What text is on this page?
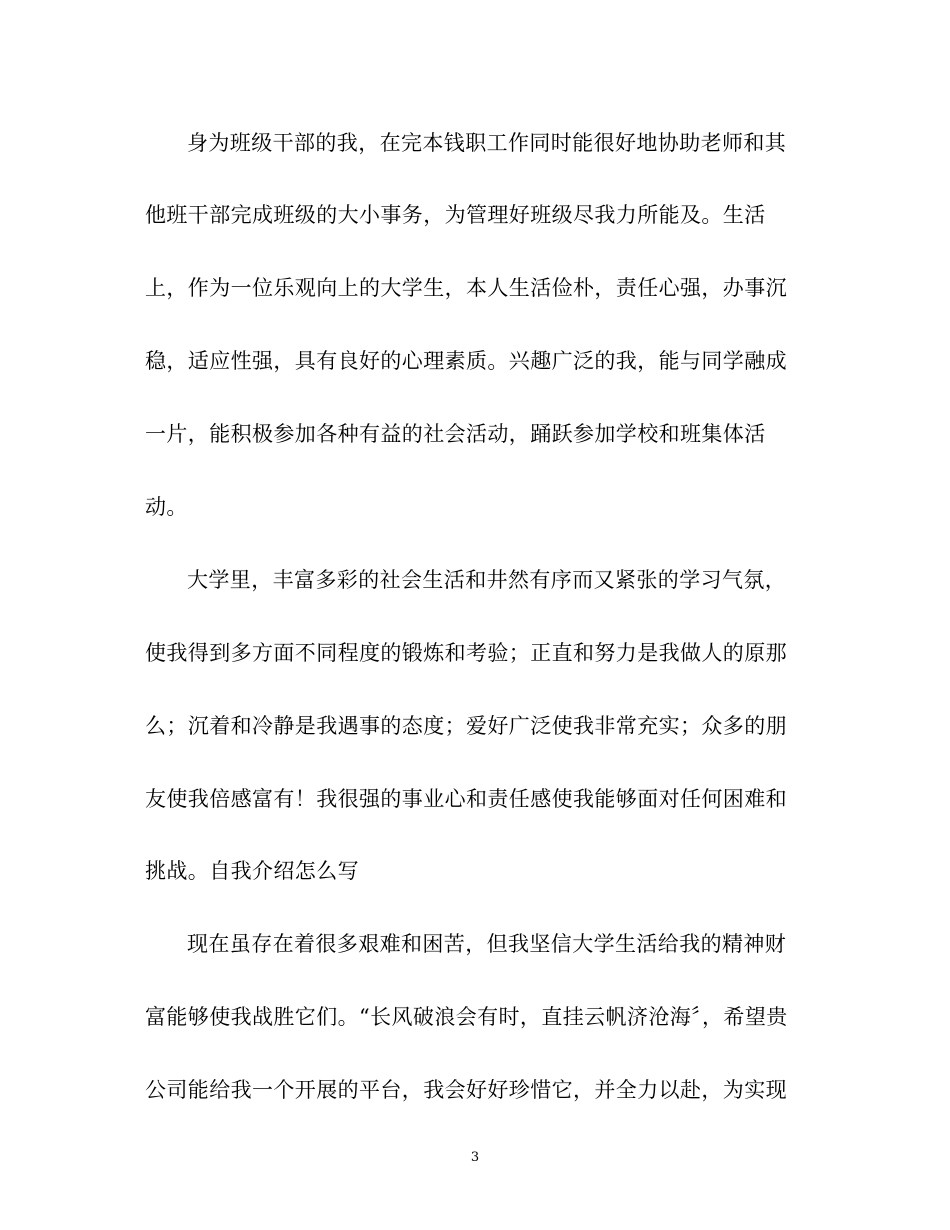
身为班级干部的我，在完本钱职工作同时能很好地协助老师和其
他班干部完成班级的大小事务，为管理好班级尽我力所能及。生活
上，作为一位乐观向上的大学生，本人生活俭朴，责任心强，办事沉
稳，适应性强，具有良好的心理素质。兴趣广泛的我，能与同学融成
一片，能积极参加各种有益的社会活动，踊跃参加学校和班集体活
动。
大学里，丰富多彩的社会生活和井然有序而又紧张的学习气氛，
使我得到多方面不同程度的锻炼和考验；正直和努力是我做人的原那
么；沉着和冷静是我遇事的态度；爱好广泛使我非常充实；众多的朋
友使我倍感富有！我很强的事业心和责任感使我能够面对任何困难和
挑战。自我介绍怎么写
现在虽存在着很多艰难和困苦，但我坚信大学生活给我的精神财
富能够使我战胜它们。“长风破浪会有时，直挂云帆济沧海〞，希望贵
公司能给我一个开展的平台，我会好好珍惜它，并全力以赴，为实现
3
